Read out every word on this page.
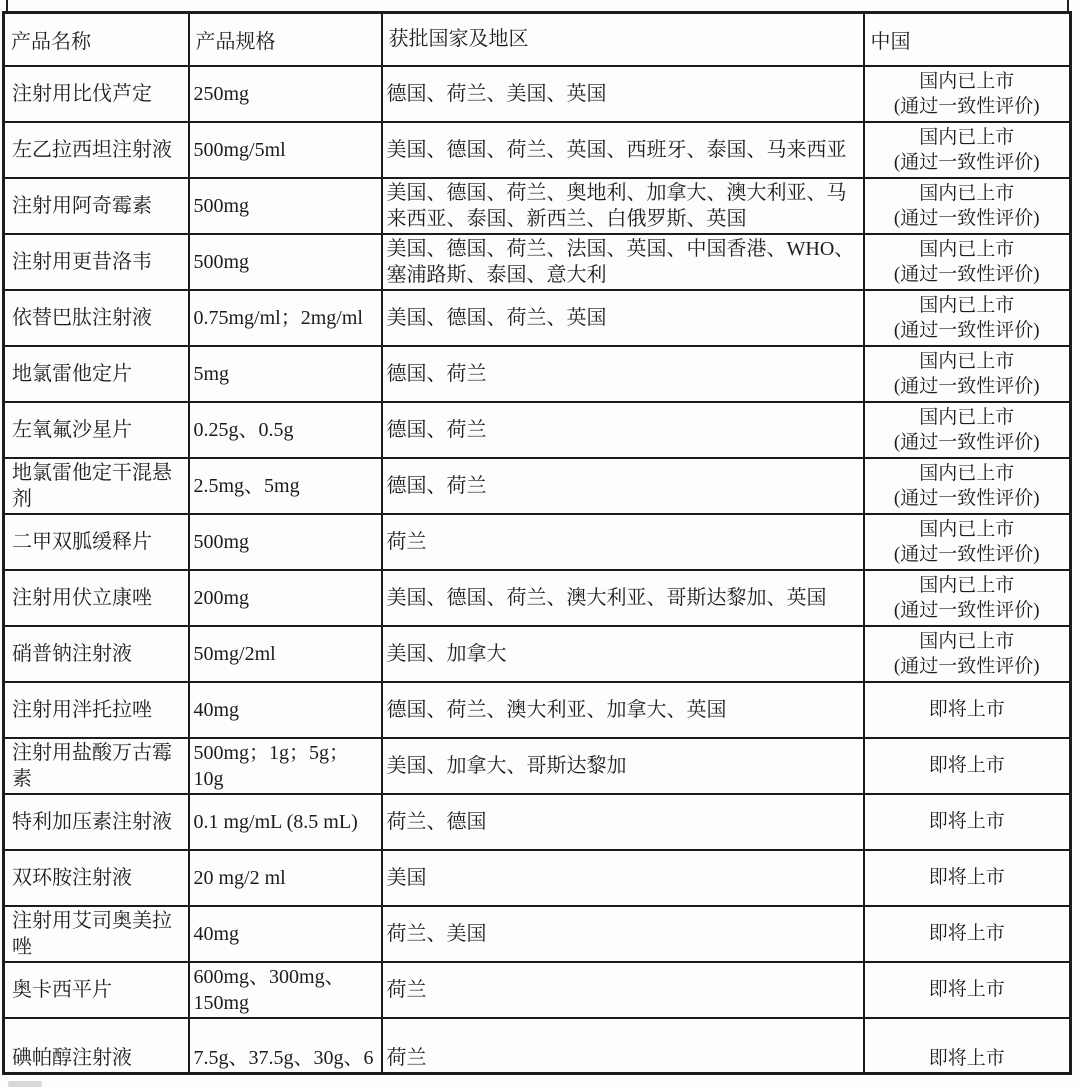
产品名称	产品规格	获批国家及地区	中国
注射用比伐芦定	250mg	德国、荷兰、美国、英国	国内已上市
(通过一致性评价)

左乙拉西坦注射液	500mg/5ml	美国、德国、荷兰、英国、西班牙、泰国、马来西亚	国内已上市
(通过一致性评价)

注射用阿奇霉素	500mg	美国、德国、荷兰、奥地利、加拿大、澳大利亚、马来西亚、泰国、新西兰、白俄罗斯、英国	国内已上市
(通过一致性评价)

注射用更昔洛韦	500mg	美国、德国、荷兰、法国、英国、中国香港、WHO、塞浦路斯、泰国、意大利	国内已上市
(通过一致性评价)

依替巴肽注射液	0.75mg/ml；2mg/ml	美国、德国、荷兰、英国	国内已上市
(通过一致性评价)

地氯雷他定片	5mg	德国、荷兰	国内已上市
(通过一致性评价)

左氧氟沙星片	0.25g、0.5g	德国、荷兰	国内已上市
(通过一致性评价)

地氯雷他定干混悬剂	2.5mg、5mg	德国、荷兰	国内已上市
(通过一致性评价)

二甲双胍缓释片	500mg	荷兰	国内已上市
(通过一致性评价)

注射用伏立康唑	200mg	美国、德国、荷兰、澳大利亚、哥斯达黎加、英国	国内已上市
(通过一致性评价)

硝普钠注射液	50mg/2ml	美国、加拿大	国内已上市
(通过一致性评价)

注射用泮托拉唑	40mg	德国、荷兰、澳大利亚、加拿大、英国	即将上市

注射用盐酸万古霉素	500mg；1g；5g；10g	美国、加拿大、哥斯达黎加	即将上市

特利加压素注射液	0.1 mg/mL (8.5 mL)	荷兰、德国	即将上市

双环胺注射液	20 mg/2 ml	美国	即将上市

注射用艾司奥美拉唑	40mg	荷兰、美国	即将上市

奥卡西平片	600mg、300mg、150mg	荷兰	即将上市

碘帕醇注射液	7.5g、37.5g、30g、6	荷兰	即将上市
